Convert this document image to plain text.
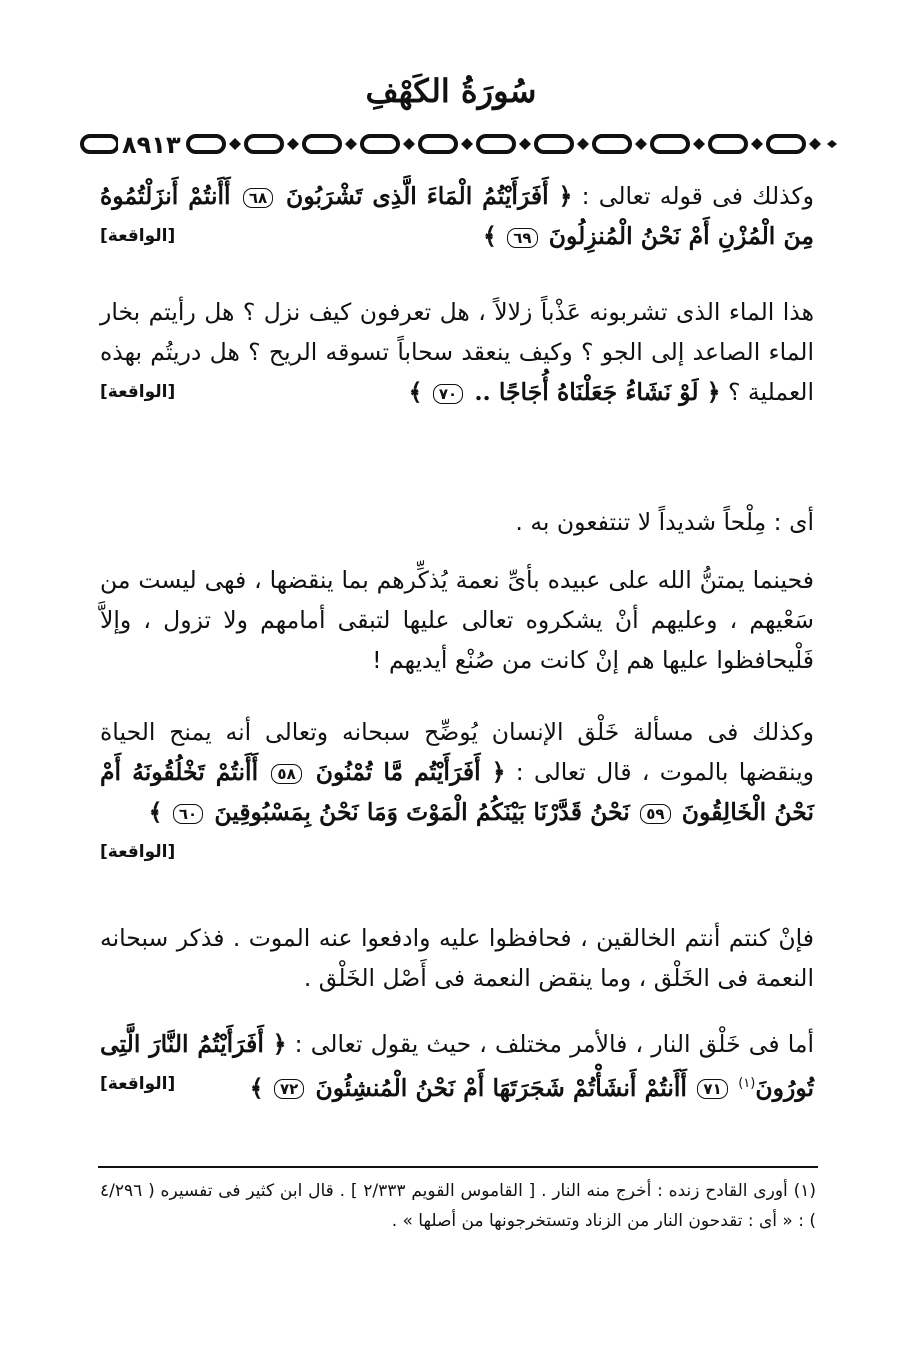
سُورَةُ الكَهْفِ
٨٩١٣

وكذلك فى قوله تعالى : ﴿ أَفَرَأَيْتُمُ الْمَاءَ الَّذِى تَشْرَبُونَ ٦٨ أَأَنتُمْ أَنزَلْتُمُوهُ مِنَ الْمُزْنِ أَمْ نَحْنُ الْمُنزِلُونَ ٦٩ ﴾
[الواقعة]

هذا الماء الذى تشربونه عَذْباً زلالاً ، هل تعرفون كيف نزل ؟ هل رأيتم بخار الماء الصاعد إلى الجو ؟ وكيف ينعقد سحاباً تسوقه الريح ؟ هل دريتُم بهذه العملية ؟ ﴿ لَوْ نَشَاءُ جَعَلْنَاهُ أُجَاجًا .. ٧٠ ﴾
[الواقعة]

أى : مِلْحاً شديداً لا تنتفعون به .

فحينما يمتنُّ الله على عبيده بأىِّ نعمة يُذكِّرهم بما ينقضها ، فهى ليست من سَعْيهم ، وعليهم أنْ يشكروه تعالى عليها لتبقى أمامهم ولا تزول ، وإلاَّ فَلْيحافظوا عليها هم إنْ كانت من صُنْع أيديهم !

وكذلك فى مسألة خَلْق الإنسان يُوضِّح سبحانه وتعالى أنه يمنح الحياة وينقضها بالموت ، قال تعالى : ﴿ أَفَرَأَيْتُم مَّا تُمْنُونَ ٥٨ أَأَنتُمْ تَخْلُقُونَهُ أَمْ نَحْنُ الْخَالِقُونَ ٥٩ نَحْنُ قَدَّرْنَا بَيْنَكُمُ الْمَوْتَ وَمَا نَحْنُ بِمَسْبُوقِينَ ٦٠ ﴾
[الواقعة]

فإنْ كنتم أنتم الخالقين ، فحافظوا عليه وادفعوا عنه الموت . فذكر سبحانه النعمة فى الخَلْق ، وما ينقض النعمة فى أَصْل الخَلْق .

أما فى خَلْق النار ، فالأمر مختلف ، حيث يقول تعالى : ﴿ أَفَرَأَيْتُمُ النَّارَ الَّتِى تُورُونَ$^{(١)}$ ٧١ أَأَنتُمْ أَنشَأْتُمْ شَجَرَتَهَا أَمْ نَحْنُ الْمُنشِئُونَ ٧٢ ﴾
[الواقعة]

(١) أورى القادح زنده : أخرج منه النار . [ القاموس القويم ٢/٣٣٣ ] . قال ابن كثير فى تفسيره ( ٤/٢٩٦ ) : « أى : تقدحون النار من الزناد وتستخرجونها من أصلها » .
